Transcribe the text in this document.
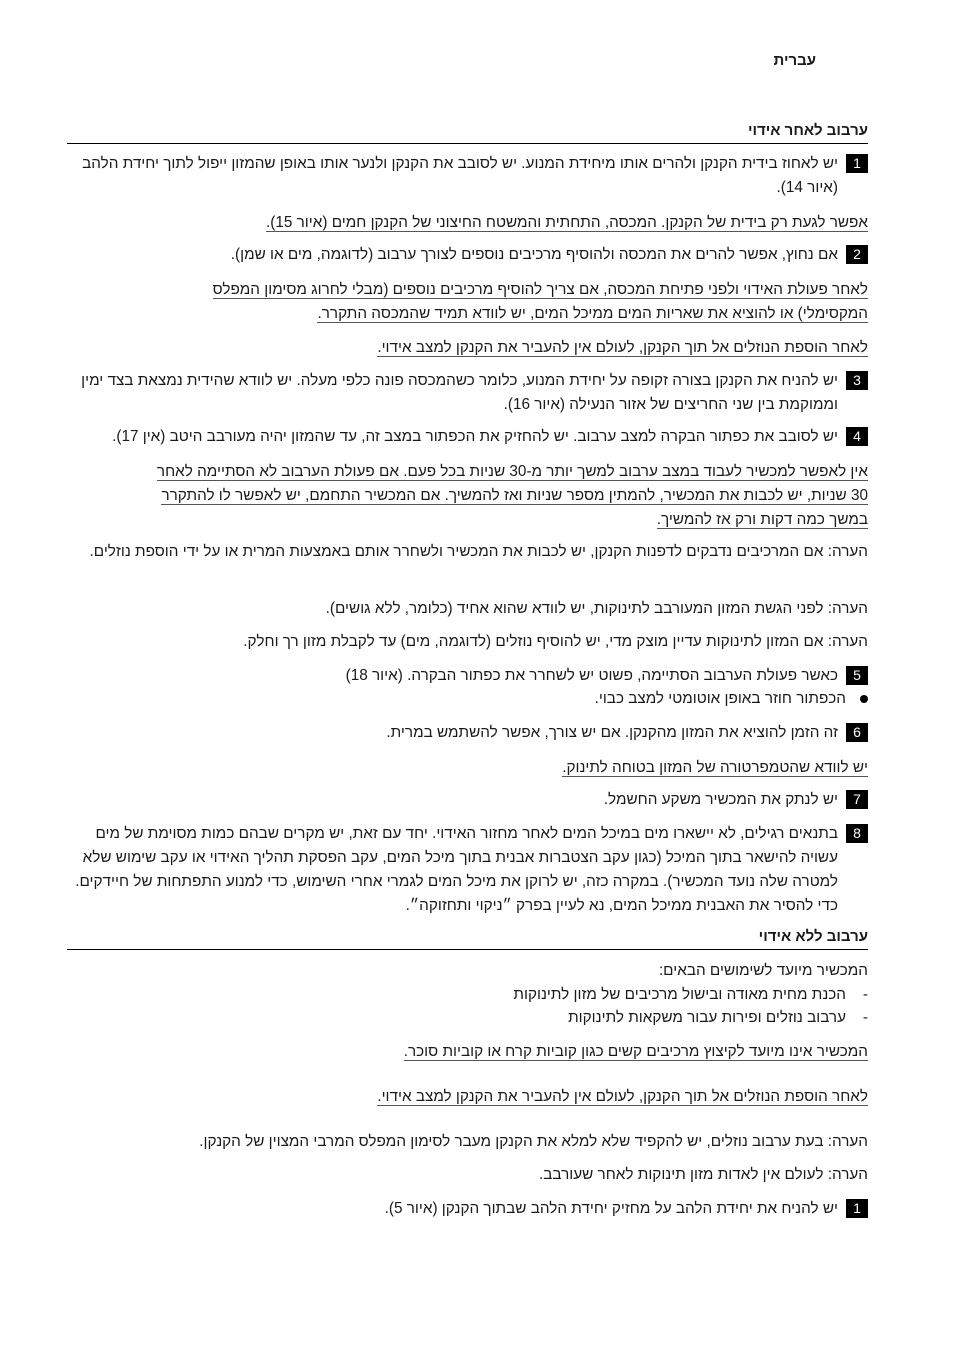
עברית
ערבוב לאחר אידוי
1
יש לאחוז בידית הקנקן ולהרים אותו מיחידת המנוע. יש לסובב את הקנקן ולנער אותו באופן שהמזון ייפול לתוך יחידת הלהב (איור 14).
אפשר לגעת רק בידית של הקנקן. המכסה, התחתית והמשטח החיצוני של הקנקן חמים (איור 15).
2
אם נחוץ, אפשר להרים את המכסה ולהוסיף מרכיבים נוספים לצורך ערבוב (לדוגמה, מים או שמן).
לאחר פעולת האידוי ולפני פתיחת המכסה, אם צריך להוסיף מרכיבים נוספים (מבלי לחרוג מסימון המפלס
המקסימלי) או להוציא את שאריות המים ממיכל המים, יש לוודא תמיד שהמכסה התקרר.
לאחר הוספת הנוזלים אל תוך הקנקן, לעולם אין להעביר את הקנקן למצב אידוי.
3
יש להניח את הקנקן בצורה זקופה על יחידת המנוע, כלומר כשהמכסה פונה כלפי מעלה. יש לוודא שהידית נמצאת בצד ימין וממוקמת בין שני החריצים של אזור הנעילה (איור 16).
4
יש לסובב את כפתור הבקרה למצב ערבוב. יש להחזיק את הכפתור במצב זה, עד שהמזון יהיה מעורבב היטב (אין 17).
אין לאפשר למכשיר לעבוד במצב ערבוב למשך יותר מ-30 שניות בכל פעם. אם פעולת הערבוב לא הסתיימה לאחר
30 שניות, יש לכבות את המכשיר, להמתין מספר שניות ואז להמשיך. אם המכשיר התחמם, יש לאפשר לו להתקרר
במשך כמה דקות ורק אז להמשיך.
הערה: אם המרכיבים נדבקים לדפנות הקנקן, יש לכבות את המכשיר ולשחרר אותם באמצעות המרית או על ידי הוספת נוזלים.
הערה: לפני הגשת המזון המעורבב לתינוקות, יש לוודא שהוא אחיד (כלומר, ללא גושים).
הערה: אם המזון לתינוקות עדיין מוצק מדי, יש להוסיף נוזלים (לדוגמה, מים) עד לקבלת מזון רך וחלק.
5
כאשר פעולת הערבוב הסתיימה, פשוט יש לשחרר את כפתור הבקרה. (איור 18)
הכפתור חוזר באופן אוטומטי למצב כבוי.
6
זה הזמן להוציא את המזון מהקנקן. אם יש צורך, אפשר להשתמש במרית.
יש לוודא שהטמפרטורה של המזון בטוחה לתינוק.
7
יש לנתק את המכשיר משקע החשמל.
8
בתנאים רגילים, לא יישארו מים במיכל המים לאחר מחזור האידוי. יחד עם זאת, יש מקרים שבהם כמות מסוימת של מים עשויה להישאר בתוך המיכל (כגון עקב הצטברות אבנית בתוך מיכל המים, עקב הפסקת תהליך האידוי או עקב שימוש שלא למטרה שלה נועד המכשיר). במקרה כזה, יש לרוקן את מיכל המים לגמרי אחרי השימוש, כדי למנוע התפתחות של חיידקים. כדי להסיר את האבנית ממיכל המים, נא לעיין בפרק ״ניקוי ותחזוקה״.
ערבוב ללא אידוי
המכשיר מיועד לשימושים הבאים:
-הכנת מחית מאודה ובישול מרכיבים של מזון לתינוקות
-ערבוב נוזלים ופירות עבור משקאות לתינוקות
המכשיר אינו מיועד לקיצוץ מרכיבים קשים כגון קוביות קרח או קוביות סוכר.
לאחר הוספת הנוזלים אל תוך הקנקן, לעולם אין להעביר את הקנקן למצב אידוי.
הערה: בעת ערבוב נוזלים, יש להקפיד שלא למלא את הקנקן מעבר לסימון המפלס המרבי המצוין של הקנקן.
הערה: לעולם אין לאדות מזון תינוקות לאחר שעורבב.
1
יש להניח את יחידת הלהב על מחזיק יחידת הלהב שבתוך הקנקן (איור 5).
